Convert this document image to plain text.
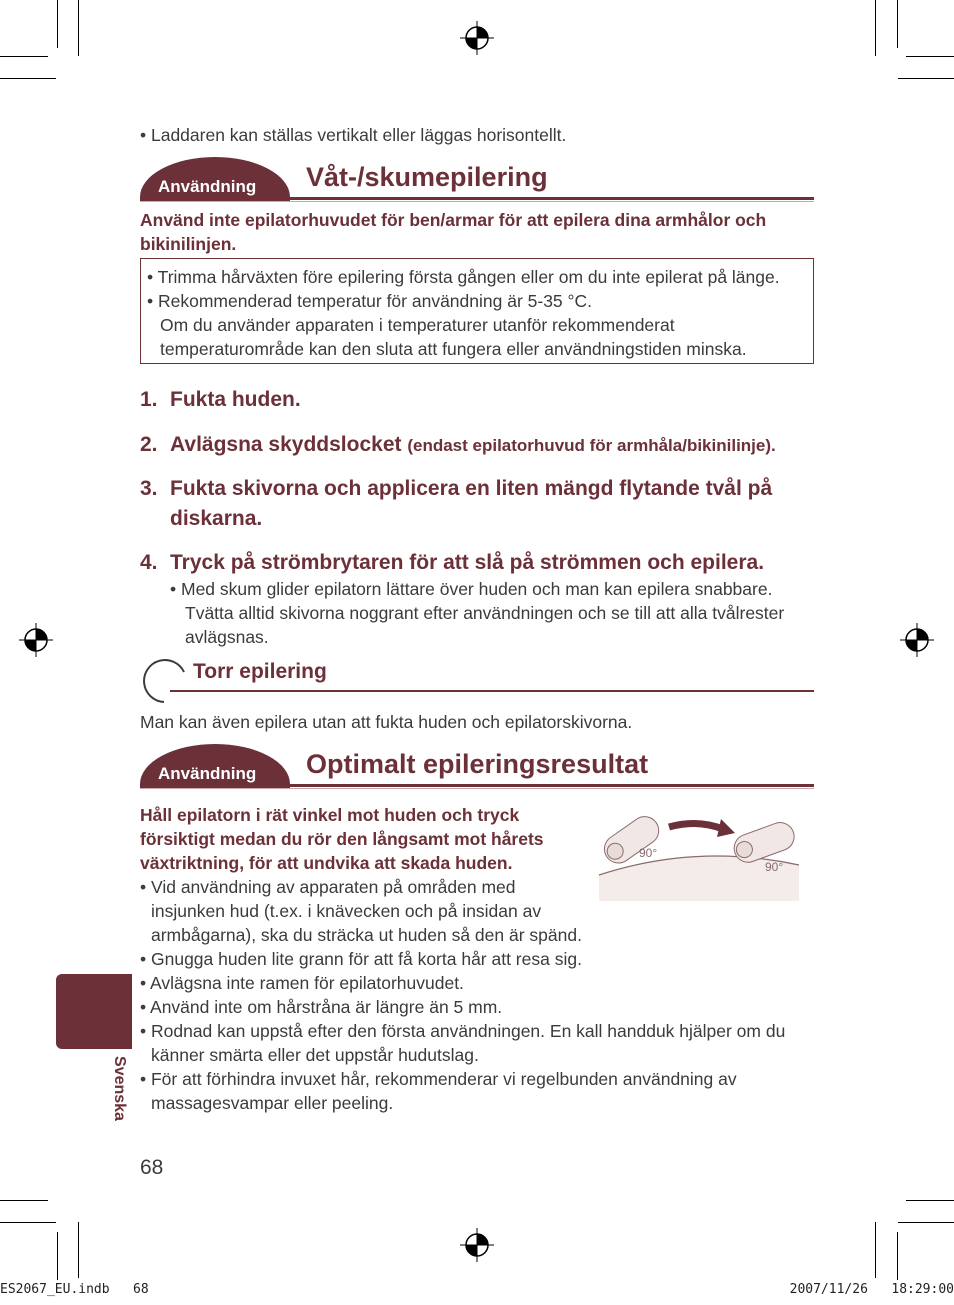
• Laddaren kan ställas vertikalt eller läggas horisontellt.
Användning Våt-/skumepilering
Använd inte epilatorhuvudet för ben/armar för att epilera dina armhålor och
bikinilinjen.
• Trimma hårväxten före epilering första gången eller om du inte epilerat på länge.
• Rekommenderad temperatur för användning är 5-35 °C.
Om du använder apparaten i temperaturer utanför rekommenderat
temperaturområde kan den sluta att fungera eller användningstiden minska.
1. Fukta huden.
2. Avlägsna skyddslocket (endast epilatorhuvud för armhåla/bikinilinje).
3. Fukta skivorna och applicera en liten mängd flytande tvål på
diskarna.
4. Tryck på strömbrytaren för att slå på strömmen och epilera.
• Med skum glider epilatorn lättare över huden och man kan epilera snabbare.
Tvätta alltid skivorna noggrant efter användningen och se till att alla tvålrester
avlägsnas.
Torr epilering
Man kan även epilera utan att fukta huden och epilatorskivorna.
Användning Optimalt epileringsresultat
Håll epilatorn i rät vinkel mot huden och tryck
försiktigt medan du rör den långsamt mot hårets
växtriktning, för att undvika att skada huden.	90°
90°
• Vid användning av apparaten på områden med
insjunken hud (t.ex. i knävecken och på insidan av
armbågarna), ska du sträcka ut huden så den är spänd.
• Gnugga huden lite grann för att få korta hår att resa sig.
• Avlägsna inte ramen för epilatorhuvudet.
• Använd inte om hårstråna är längre än 5 mm.
• Rodnad kan uppstå efter den första användningen. En kall handduk hjälper om du
känner smärta eller det uppstår hudutslag.
• För att förhindra invuxet hår, rekommenderar vi regelbunden användning av
massagesvampar eller peeling.
Svenska
68
ES2067_EU.indb   68	2007/11/26   18:29:00
